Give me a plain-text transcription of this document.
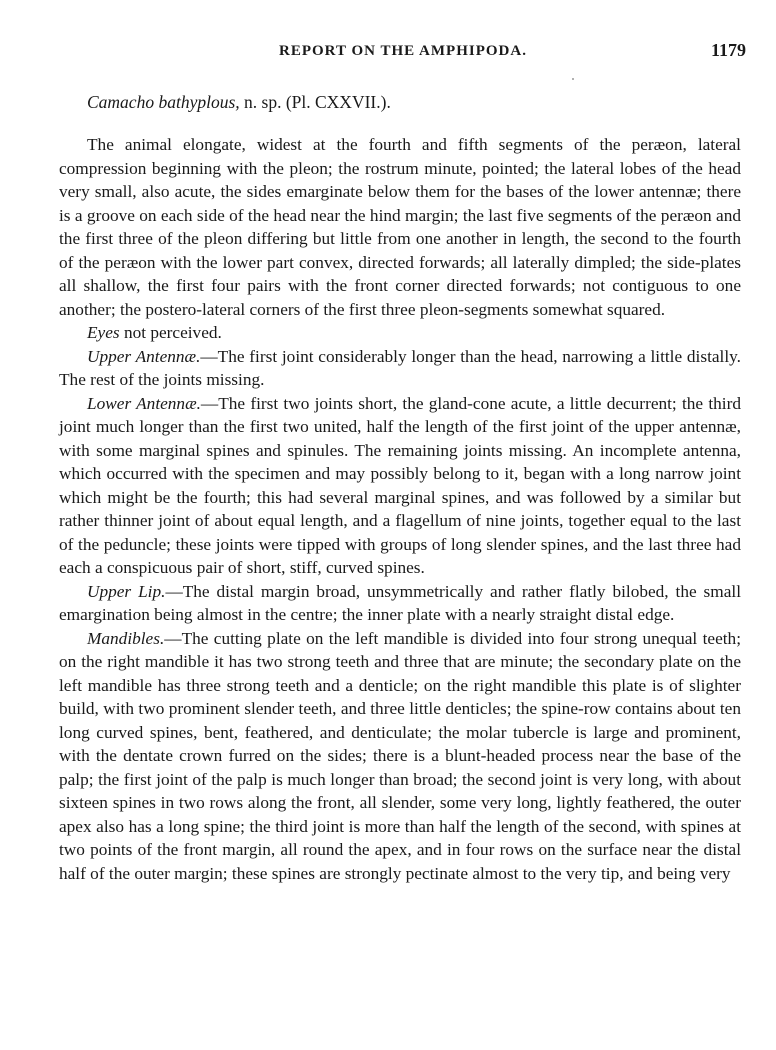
REPORT ON THE AMPHIPODA.	1179
Camacho bathyplous, n. sp. (Pl. CXXVII.).

The animal elongate, widest at the fourth and fifth segments of the peræon, lateral compression beginning with the pleon; the rostrum minute, pointed; the lateral lobes of the head very small, also acute, the sides emarginate below them for the bases of the lower antennæ; there is a groove on each side of the head near the hind margin; the last five segments of the peræon and the first three of the pleon differing but little from one another in length, the second to the fourth of the peræon with the lower part convex, directed forwards; all laterally dimpled; the side-plates all shallow, the first four pairs with the front corner directed forwards; not contiguous to one another; the postero-lateral corners of the first three pleon-segments somewhat squared.

Eyes not perceived.

Upper Antennæ.—The first joint considerably longer than the head, narrowing a little distally. The rest of the joints missing.

Lower Antennæ.—The first two joints short, the gland-cone acute, a little decurrent; the third joint much longer than the first two united, half the length of the first joint of the upper antennæ, with some marginal spines and spinules. The remaining joints missing. An incomplete antenna, which occurred with the specimen and may possibly belong to it, began with a long narrow joint which might be the fourth; this had several marginal spines, and was followed by a similar but rather thinner joint of about equal length, and a flagellum of nine joints, together equal to the last of the peduncle; these joints were tipped with groups of long slender spines, and the last three had each a conspicuous pair of short, stiff, curved spines.

Upper Lip.—The distal margin broad, unsymmetrically and rather flatly bilobed, the small emargination being almost in the centre; the inner plate with a nearly straight distal edge.

Mandibles.—The cutting plate on the left mandible is divided into four strong unequal teeth; on the right mandible it has two strong teeth and three that are minute; the secondary plate on the left mandible has three strong teeth and a denticle; on the right mandible this plate is of slighter build, with two prominent slender teeth, and three little denticles; the spine-row contains about ten long curved spines, bent, feathered, and denticulate; the molar tubercle is large and prominent, with the dentate crown furred on the sides; there is a blunt-headed process near the base of the palp; the first joint of the palp is much longer than broad; the second joint is very long, with about sixteen spines in two rows along the front, all slender, some very long, lightly feathered, the outer apex also has a long spine; the third joint is more than half the length of the second, with spines at two points of the front margin, all round the apex, and in four rows on the surface near the distal half of the outer margin; these spines are strongly pectinate almost to the very tip, and being very
